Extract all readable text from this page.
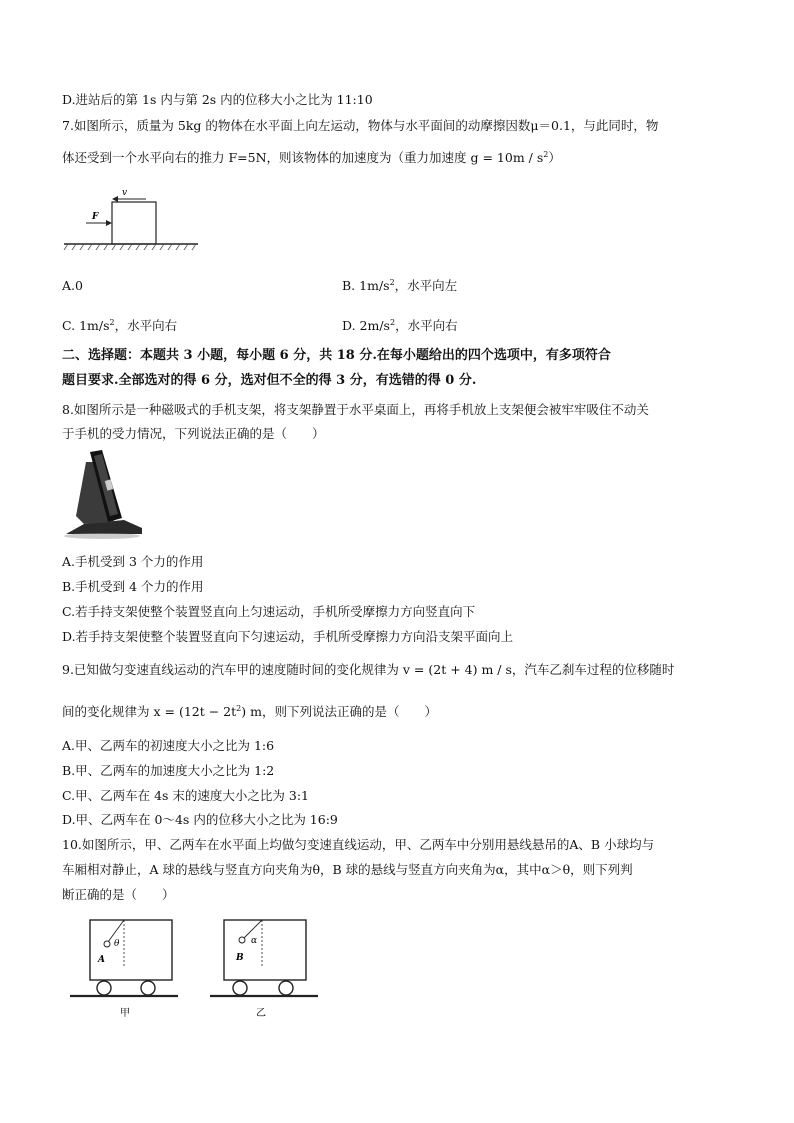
D.进站后的第 1s 内与第 2s 内的位移大小之比为 11:10
7.如图所示，质量为 5kg 的物体在水平面上向左运动，物体与水平面间的动摩擦因数μ＝0.1，与此同时，物
体还受到一个水平向右的推力 F=5N，则该物体的加速度为（重力加速度 $g = 10m / s^2$）
v
F
A.0	B. $1m/s^2$，水平向左
C. $1m/s^2$，水平向右	D. $2m/s^2$，水平向右
二、选择题：本题共 3 小题，每小题 6 分，共 18 分.在每小题给出的四个选项中，有多项符合
题目要求.全部选对的得 6 分，选对但不全的得 3 分，有选错的得 0 分.
8.如图所示是一种磁吸式的手机支架，将支架静置于水平桌面上，再将手机放上支架便会被牢牢吸住不动关
于手机的受力情况，下列说法正确的是（　　）
A.手机受到 3 个力的作用
B.手机受到 4 个力的作用
C.若手持支架使整个装置竖直向上匀速运动，手机所受摩擦力方向竖直向下
D.若手持支架使整个装置竖直向下匀速运动，手机所受摩擦力方向沿支架平面向上
9.已知做匀变速直线运动的汽车甲的速度随时间的变化规律为 v = (2t + 4) m / s，汽车乙刹车过程的位移随时
间的变化规律为 $x = (12t - 2t^2)$ m，则下列说法正确的是（　　）
A.甲、乙两车的初速度大小之比为 1:6
B.甲、乙两车的加速度大小之比为 1:2
C.甲、乙两车在 4s 末的速度大小之比为 3:1
D.甲、乙两车在 0～4s 内的位移大小之比为 16:9
10.如图所示，甲、乙两车在水平面上均做匀变速直线运动，甲、乙两车中分别用悬线悬吊的A、B 小球均与
车厢相对静止，A 球的悬线与竖直方向夹角为θ，B 球的悬线与竖直方向夹角为α，其中α＞θ，则下列判
断正确的是（　　）
θ
A
甲
α
B
乙
